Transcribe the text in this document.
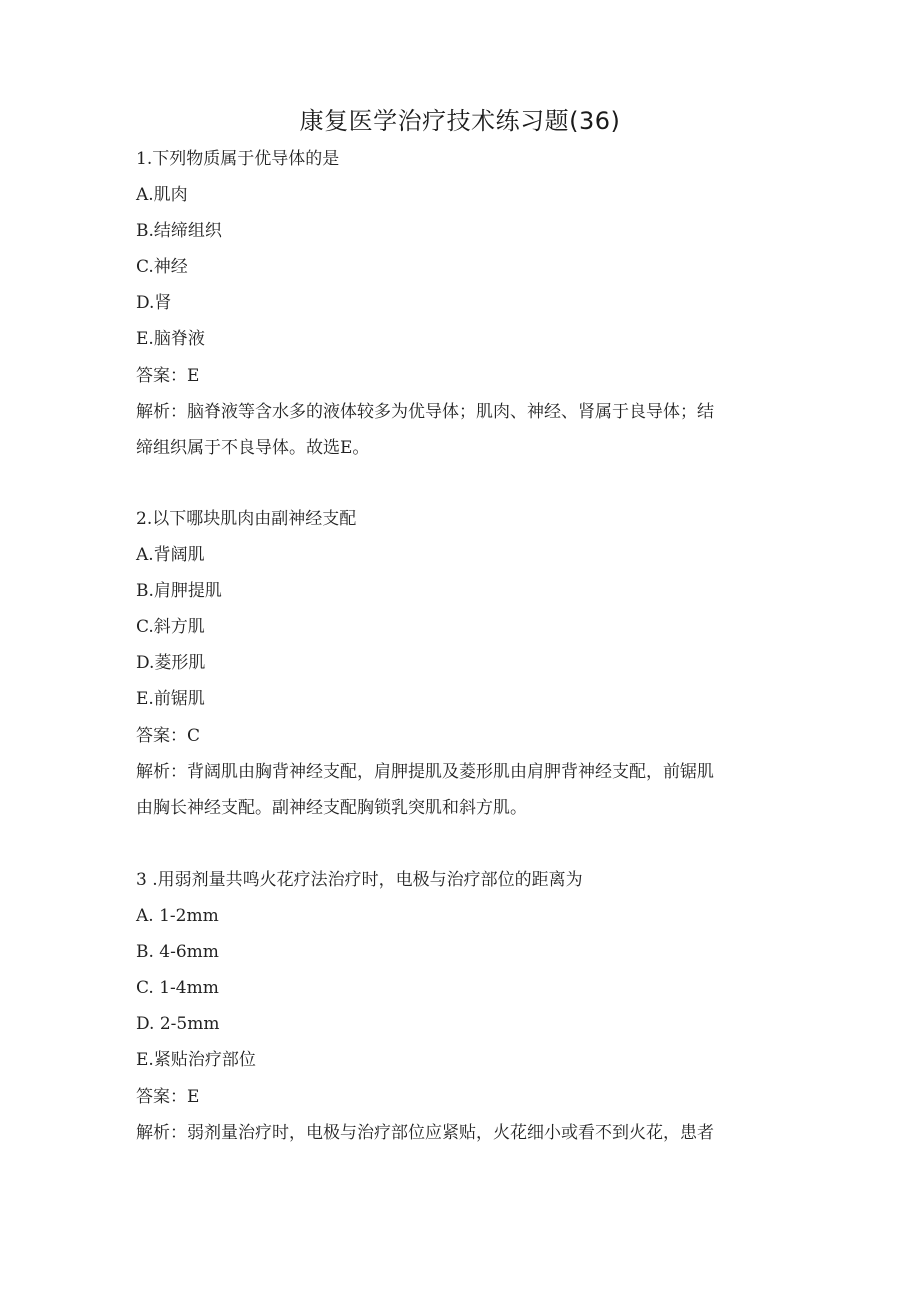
康复医学治疗技术练习题(36)
1.下列物质属于优导体的是
A.肌肉
B.结缔组织
C.神经
D.肾
E.脑脊液
答案：E
解析：脑脊液等含水多的液体较多为优导体；肌肉、神经、肾属于良导体；结
缔组织属于不良导体。故选E。
2.以下哪块肌肉由副神经支配
A.背阔肌
B.肩胛提肌
C.斜方肌
D.菱形肌
E.前锯肌
答案：C
解析：背阔肌由胸背神经支配，肩胛提肌及菱形肌由肩胛背神经支配，前锯肌
由胸长神经支配。副神经支配胸锁乳突肌和斜方肌。
3 .用弱剂量共鸣火花疗法治疗时，电极与治疗部位的距离为
A. 1-2mm
B. 4-6mm
C. 1-4mm
D. 2-5mm
E.紧贴治疗部位
答案：E
解析：弱剂量治疗时，电极与治疗部位应紧贴，火花细小或看不到火花，患者
